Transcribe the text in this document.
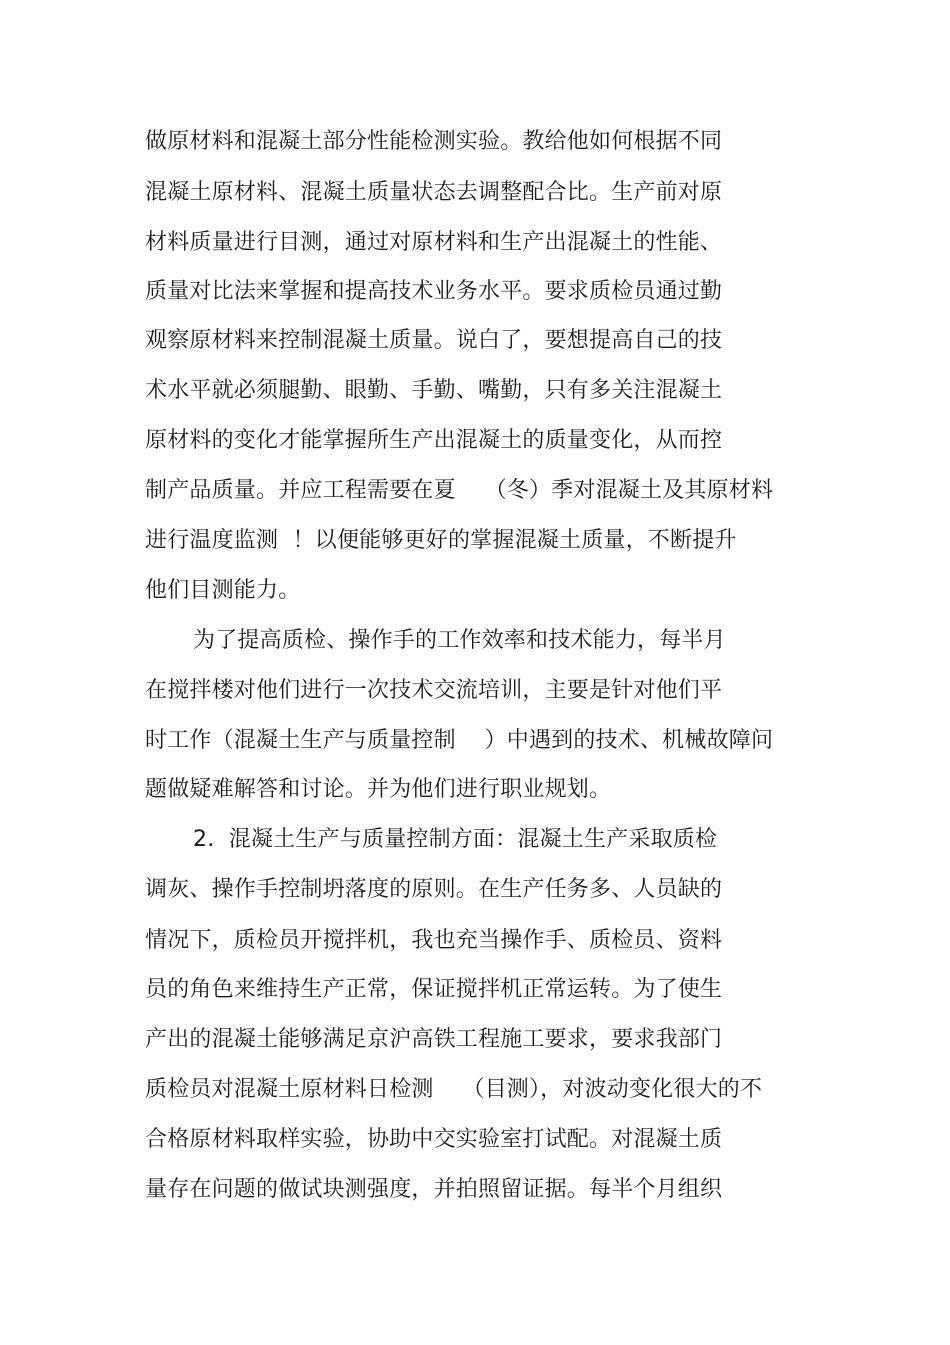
做原材料和混凝土部分性能检测实验。教给他如何根据不同
混凝土原材料、混凝土质量状态去调整配合比。生产前对原
材料质量进行目测，通过对原材料和生产出混凝土的性能、
质量对比法来掌握和提高技术业务水平。要求质检员通过勤
观察原材料来控制混凝土质量。说白了，要想提高自己的技
术水平就必须腿勤、眼勤、手勤、嘴勤，只有多关注混凝土
原材料的变化才能掌握所生产出混凝土的质量变化，从而控
制产品质量。并应工程需要在夏    （冬）季对混凝土及其原材料
进行温度监测  ！以便能够更好的掌握混凝土质量，不断提升
他们目测能力。
为了提高质检、操作手的工作效率和技术能力，每半月
在搅拌楼对他们进行一次技术交流培训，主要是针对他们平
时工作（混凝土生产与质量控制    ）中遇到的技术、机械故障问
题做疑难解答和讨论。并为他们进行职业规划。
2.  混凝土生产与质量控制方面：混凝土生产采取质检
调灰、操作手控制坍落度的原则。在生产任务多、人员缺的
情况下，质检员开搅拌机，我也充当操作手、质检员、资料
员的角色来维持生产正常，保证搅拌机正常运转。为了使生
产出的混凝土能够满足京沪高铁工程施工要求，要求我部门
质检员对混凝土原材料日检测    （目测），对波动变化很大的不
合格原材料取样实验，协助中交实验室打试配。对混凝土质
量存在问题的做试块测强度，并拍照留证据。每半个月组织
